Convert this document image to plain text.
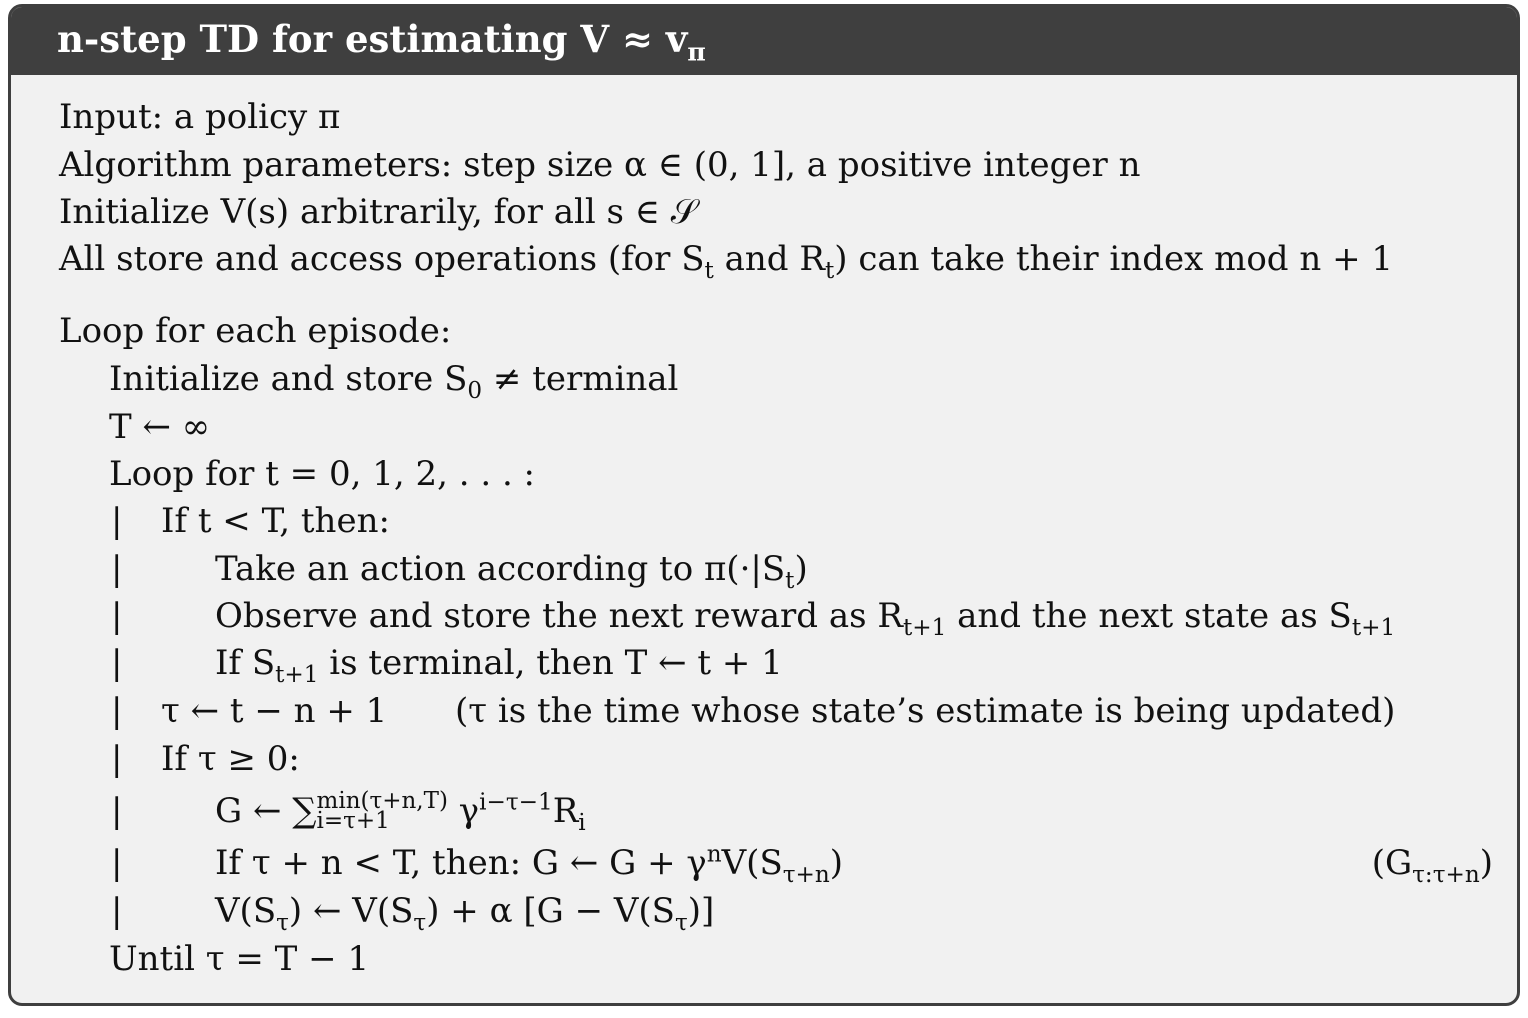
n-step TD for estimating $V \approx v_\pi$
Input: a policy π
Algorithm parameters: step size α ∈ (0, 1], a positive integer n
Initialize V(s) arbitrarily, for all s ∈ 𝒮
All store and access operations (for $S_t$ and $R_t$) can take their index mod n + 1
Loop for each episode:
Initialize and store $S_0$ ≠ terminal
T ← ∞
Loop for t = 0, 1, 2, . . . :
| If t < T, then:
|	Take an action according to $\pi(\cdot|S_t)$
|	Observe and store the next reward as $R_{t+1}$ and the next state as $S_{t+1}$
|	If $S_{t+1}$ is terminal, then T ← t + 1
| τ ← t − n + 1 (τ is the time whose state’s estimate is being updated)
| If τ ≥ 0:
|	G ← ∑ min(τ+n,T)
i=τ+1	$\gamma^{i-\tau-1}R_i$
|	If τ + n < T, then: G ← $G + \gamma^nV(S_{\tau+n})$	$(G_{\tau:\tau+n})$
|	$V(S_\tau)$ ← $V(S_\tau) + \alpha$ $[G - V(S_\tau)]$
Until τ = T − 1
